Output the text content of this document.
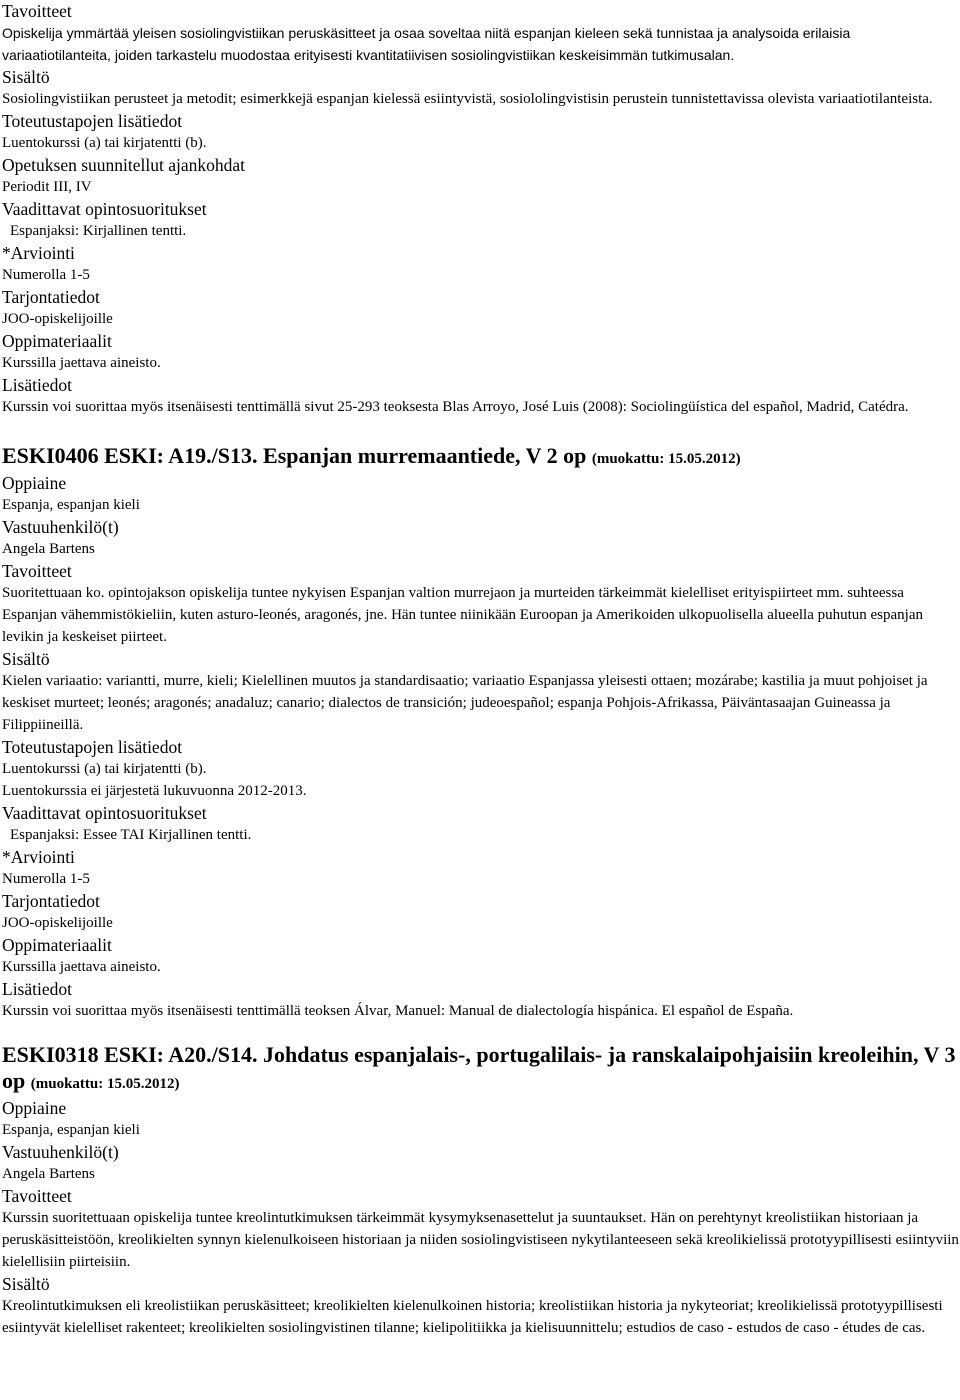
Tavoitteet

Opiskelija ymmärtää yleisen sosiolingvistiikan peruskäsitteet ja osaa soveltaa niitä espanjan kieleen sekä tunnistaa ja analysoida erilaisia variaatiotilanteita, joiden tarkastelu muodostaa erityisesti kvantitatiivisen sosiolingvistiikan keskeisimmän tutkimusalan.

Sisältö

Sosiolingvistiikan perusteet ja metodit; esimerkkejä espanjan kielessä esiintyvistä, sosiololingvistisin perustein tunnistettavissa olevista variaatiotilanteista.

Toteutustapojen lisätiedot

Luentokurssi (a) tai kirjatentti (b).

Opetuksen suunnitellut ajankohdat

Periodit III, IV

Vaadittavat opintosuoritukset

Espanjaksi: Kirjallinen tentti.

*Arviointi

Numerolla 1-5

Tarjontatiedot

JOO-opiskelijoille

Oppimateriaalit

Kurssilla jaettava aineisto.

Lisätiedot

Kurssin voi suorittaa myös itsenäisesti tenttimällä sivut 25-293 teoksesta Blas Arroyo, José Luis (2008): Sociolingüística del español, Madrid, Catédra.

ESKI0406 ESKI: A19./S13. Espanjan murremaantiede, V 2 op (muokattu: 15.05.2012)

Oppiaine

Espanja, espanjan kieli

Vastuuhenkilö(t)

Angela Bartens

Tavoitteet

Suoritettuaan ko. opintojakson opiskelija tuntee nykyisen Espanjan valtion murrejaon ja murteiden tärkeimmät kielelliset erityispiirteet mm. suhteessa Espanjan vähemmistökieliin, kuten asturo-leonés, aragonés, jne. Hän tuntee niinikään Euroopan ja Amerikoiden ulkopuolisella alueella puhutun espanjan levikin ja keskeiset piirteet.

Sisältö

Kielen variaatio: variantti, murre, kieli; Kielellinen muutos ja standardisaatio; variaatio Espanjassa yleisesti ottaen; mozárabe; kastilia ja muut pohjoiset ja keskiset murteet; leonés; aragonés; anadaluz; canario; dialectos de transición; judeoespañol; espanja Pohjois-Afrikassa, Päiväntasaajan Guineassa ja Filippiineillä.

Toteutustapojen lisätiedot

Luentokurssi (a) tai kirjatentti (b).

Luentokurssia ei järjestetä lukuvuonna 2012-2013.

Vaadittavat opintosuoritukset

Espanjaksi: Essee TAI Kirjallinen tentti.

*Arviointi

Numerolla 1-5

Tarjontatiedot

JOO-opiskelijoille

Oppimateriaalit

Kurssilla jaettava aineisto.

Lisätiedot

Kurssin voi suorittaa myös itsenäisesti tenttimällä teoksen Álvar, Manuel: Manual de dialectología hispánica. El español de España.

ESKI0318 ESKI: A20./S14. Johdatus espanjalais-, portugalilais- ja ranskalaipohjaisiin kreoleihin, V 3 op (muokattu: 15.05.2012)

Oppiaine

Espanja, espanjan kieli

Vastuuhenkilö(t)

Angela Bartens

Tavoitteet

Kurssin suoritettuaan opiskelija tuntee kreolintutkimuksen tärkeimmät kysymyksenasettelut ja suuntaukset. Hän on perehtynyt kreolistiikan historiaan ja peruskäsitteistöön, kreolikielten synnyn kielenulkoiseen historiaan ja niiden sosiolingvistiseen nykytilanteeseen sekä kreolikielissä prototyypillisesti esiintyviin kielellisiin piirteisiin.

Sisältö

Kreolintutkimuksen eli kreolistiikan peruskäsitteet; kreolikielten kielenulkoinen historia; kreolistiikan historia ja nykyteoriat; kreolikielissä prototyypillisesti esiintyvät kielelliset rakenteet; kreolikielten sosiolingvistinen tilanne; kielipolitiikka ja kielisuunnittelu; estudios de caso - estudos de caso - études de cas.
